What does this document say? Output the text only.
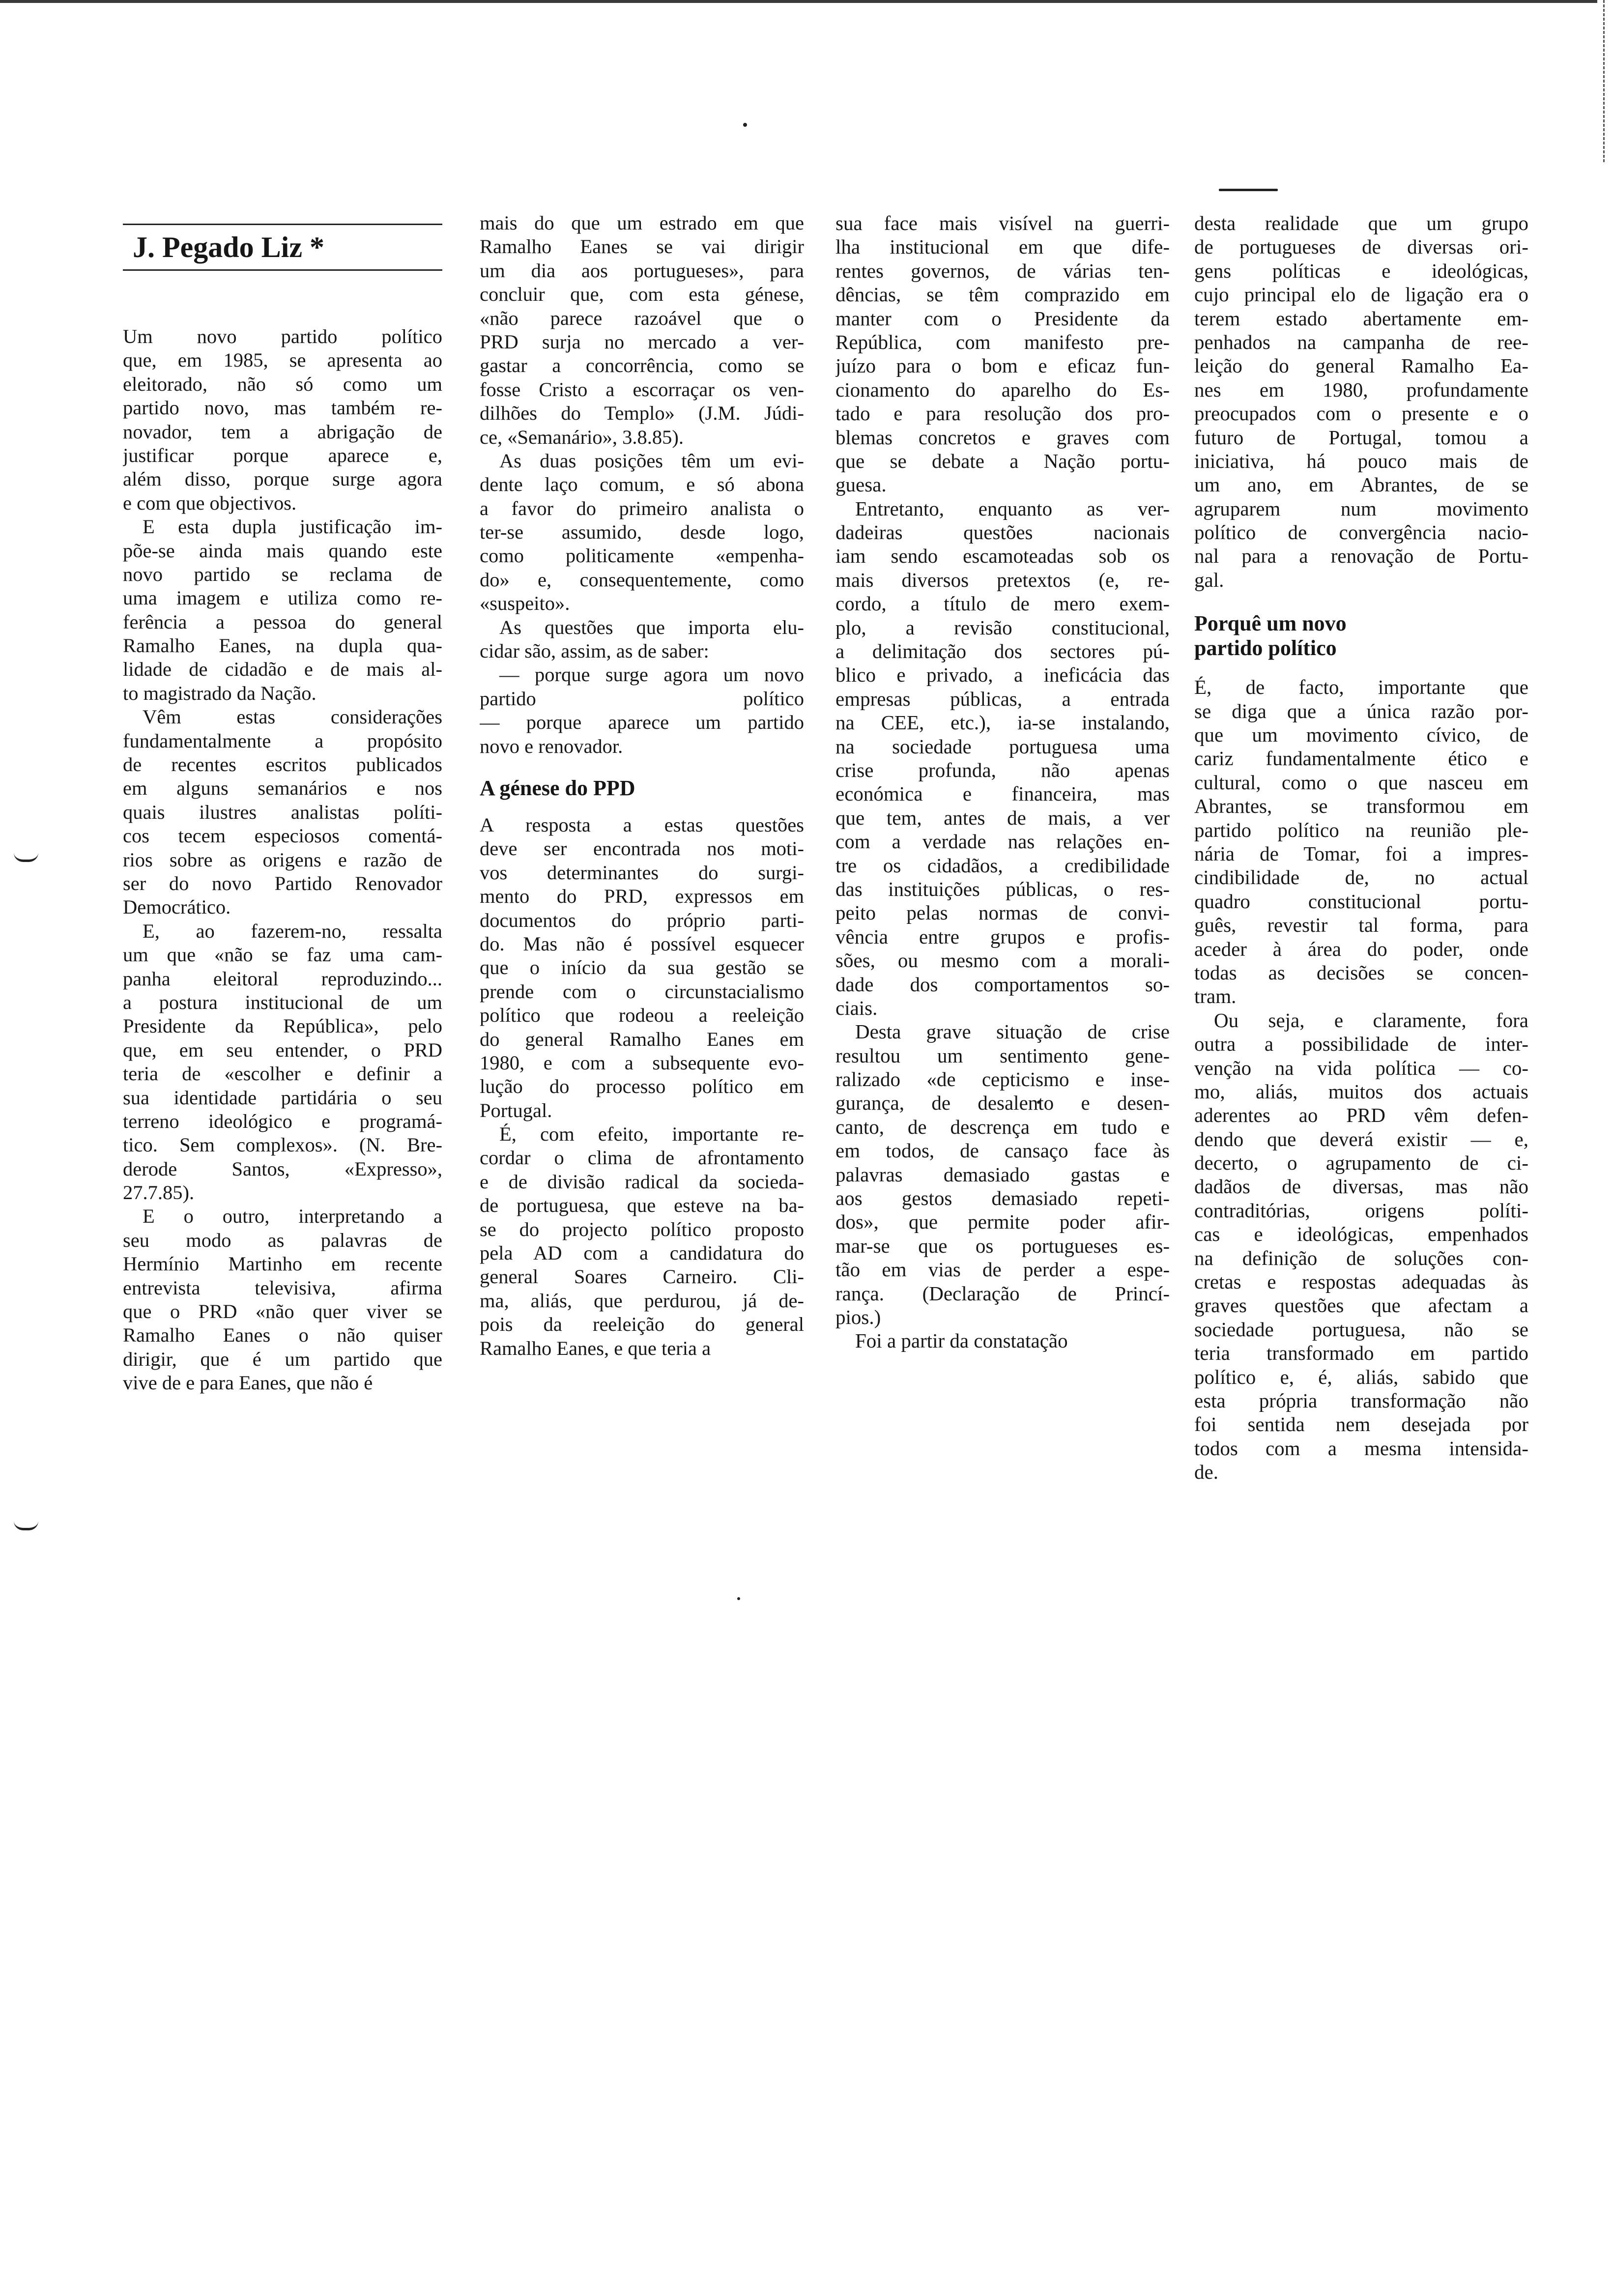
J. Pegado Liz *
Um novo partido político
que, em 1985, se apresenta ao
eleitorado, não só como um
partido novo, mas também re-
novador, tem a abrigação de
justificar porque aparece e,
além disso, porque surge agora
e com que objectivos.
E esta dupla justificação im-
põe-se ainda mais quando este
novo partido se reclama de
uma imagem e utiliza como re-
ferência a pessoa do general
Ramalho Eanes, na dupla qua-
lidade de cidadão e de mais al-
to magistrado da Nação.
Vêm estas considerações
fundamentalmente a propósito
de recentes escritos publicados
em alguns semanários e nos
quais ilustres analistas políti-
cos tecem especiosos comentá-
rios sobre as origens e razão de
ser do novo Partido Renovador
Democrático.
E, ao fazerem-no, ressalta
um que «não se faz uma cam-
panha eleitoral reproduzindo...
a postura institucional de um
Presidente da República», pelo
que, em seu entender, o PRD
teria de «escolher e definir a
sua identidade partidária o seu
terreno ideológico e programá-
tico. Sem complexos». (N. Bre-
derode Santos, «Expresso»,
27.7.85).
E o outro, interpretando a
seu modo as palavras de
Hermínio Martinho em recente
entrevista televisiva, afirma
que o PRD «não quer viver se
Ramalho Eanes o não quiser
dirigir, que é um partido que
vive de e para Eanes, que não é
mais do que um estrado em que
Ramalho Eanes se vai dirigir
um dia aos portugueses», para
concluir que, com esta génese,
«não parece razoável que o
PRD surja no mercado a ver-
gastar a concorrência, como se
fosse Cristo a escorraçar os ven-
dilhões do Templo» (J.M. Júdi-
ce, «Semanário», 3.8.85).
As duas posições têm um evi-
dente laço comum, e só abona
a favor do primeiro analista o
ter-se assumido, desde logo,
como politicamente «empenha-
do» e, consequentemente, como
«suspeito».
As questões que importa elu-
cidar são, assim, as de saber:
— porque surge agora um novo
partido político
— porque aparece um partido
novo e renovador.
A génese do PPD
A resposta a estas questões
deve ser encontrada nos moti-
vos determinantes do surgi-
mento do PRD, expressos em
documentos do próprio parti-
do. Mas não é possível esquecer
que o início da sua gestão se
prende com o circunstacialismo
político que rodeou a reeleição
do general Ramalho Eanes em
1980, e com a subsequente evo-
lução do processo político em
Portugal.
É, com efeito, importante re-
cordar o clima de afrontamento
e de divisão radical da socieda-
de portuguesa, que esteve na ba-
se do projecto político proposto
pela AD com a candidatura do
general Soares Carneiro. Cli-
ma, aliás, que perdurou, já de-
pois da reeleição do general
Ramalho Eanes, e que teria a
sua face mais visível na guerri-
lha institucional em que dife-
rentes governos, de várias ten-
dências, se têm comprazido em
manter com o Presidente da
República, com manifesto pre-
juízo para o bom e eficaz fun-
cionamento do aparelho do Es-
tado e para resolução dos pro-
blemas concretos e graves com
que se debate a Nação portu-
guesa.
Entretanto, enquanto as ver-
dadeiras questões nacionais
iam sendo escamoteadas sob os
mais diversos pretextos (e, re-
cordo, a título de mero exem-
plo, a revisão constitucional,
a delimitação dos sectores pú-
blico e privado, a ineficácia das
empresas públicas, a entrada
na CEE, etc.), ia-se instalando,
na sociedade portuguesa uma
crise profunda, não apenas
económica e financeira, mas
que tem, antes de mais, a ver
com a verdade nas relações en-
tre os cidadãos, a credibilidade
das instituições públicas, o res-
peito pelas normas de convi-
vência entre grupos e profis-
sões, ou mesmo com a morali-
dade dos comportamentos so-
ciais.
Desta grave situação de crise
resultou um sentimento gene-
ralizado «de cepticismo e inse-
gurança, de desalento e desen-
canto, de descrença em tudo e
em todos, de cansaço face às
palavras demasiado gastas e
aos gestos demasiado repeti-
dos», que permite poder afir-
mar-se que os portugueses es-
tão em vias de perder a espe-
rança. (Declaração de Princí-
pios.)
Foi a partir da constatação
desta realidade que um grupo
de portugueses de diversas ori-
gens políticas e ideológicas,
cujo principal elo de ligação era o
terem estado abertamente em-
penhados na campanha de ree-
leição do general Ramalho Ea-
nes em 1980, profundamente
preocupados com o presente e o
futuro de Portugal, tomou a
iniciativa, há pouco mais de
um ano, em Abrantes, de se
agruparem num movimento
político de convergência nacio-
nal para a renovação de Portu-
gal.
Porquê um novo
partido político
É, de facto, importante que
se diga que a única razão por-
que um movimento cívico, de
cariz fundamentalmente ético e
cultural, como o que nasceu em
Abrantes, se transformou em
partido político na reunião ple-
nária de Tomar, foi a impres-
cindibilidade de, no actual
quadro constitucional portu-
guês, revestir tal forma, para
aceder à área do poder, onde
todas as decisões se concen-
tram.
Ou seja, e claramente, fora
outra a possibilidade de inter-
venção na vida política — co-
mo, aliás, muitos dos actuais
aderentes ao PRD vêm defen-
dendo que deverá existir — e,
decerto, o agrupamento de ci-
dadãos de diversas, mas não
contraditórias, origens políti-
cas e ideológicas, empenhados
na definição de soluções con-
cretas e respostas adequadas às
graves questões que afectam a
sociedade portuguesa, não se
teria transformado em partido
político e, é, aliás, sabido que
esta própria transformação não
foi sentida nem desejada por
todos com a mesma intensida-
de.
